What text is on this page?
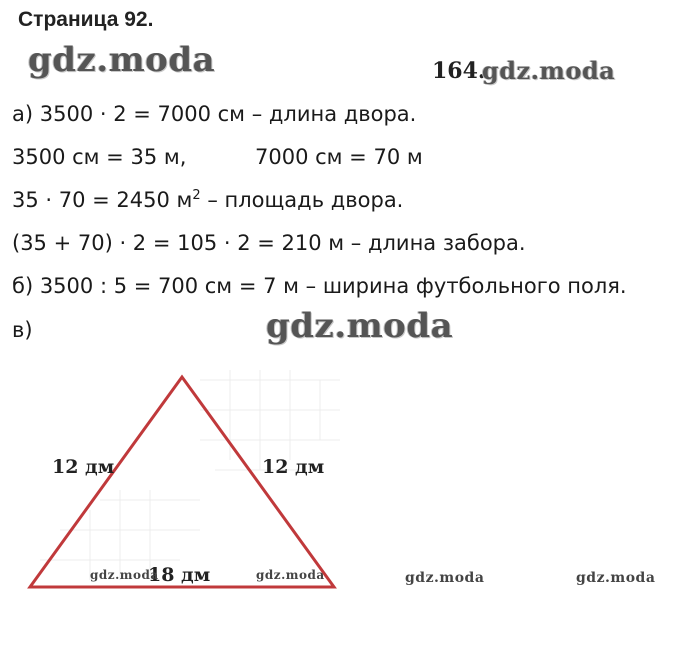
Страница 92.
gdz.moda	164.
gdz.moda
а) 3500 · 2 = 7000 см – длина двора.
3500 см = 35 м,	7000 см = 70 м
35 · 70 = 2450 $м^2$ – площадь двора.
(35 + 70) · 2 = 105 · 2 = 210 м – длина забора.
б) 3500 : 5 = 700 см = 7 м – ширина футбольного поля.
в)	gdz.moda
12 дм	12 дм
18 дм
gdz.moda	gdz.moda	gdz.moda	gdz.moda
